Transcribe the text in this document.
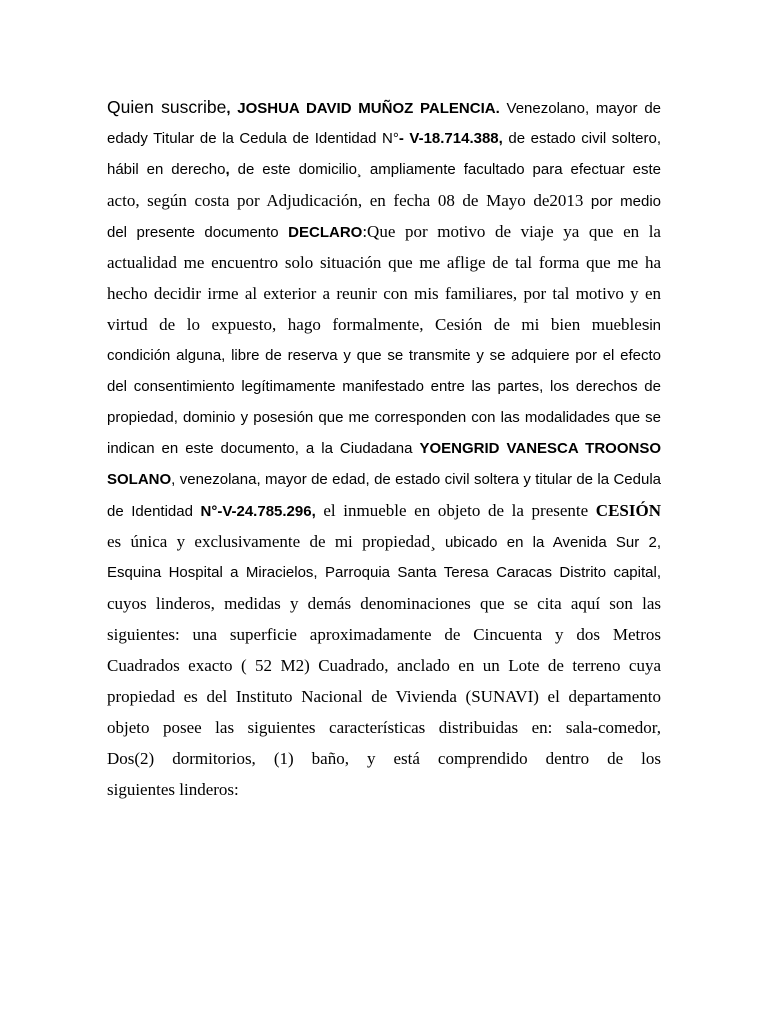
Quien suscribe, JOSHUA DAVID MUÑOZ PALENCIA. Venezolano, mayor de
edady Titular de la Cedula de Identidad N°- V-18.714.388, de estado civil soltero,
hábil en derecho, de este domicilio¸ ampliamente facultado para efectuar este
acto, según costa por Adjudicación, en fecha 08 de Mayo de2013 por medio
del presente documento DECLARO:Que por motivo de viaje ya que en la
actualidad me encuentro solo situación que me aflige de tal forma que me ha
hecho decidir irme al exterior a reunir con mis familiares, por tal motivo y en
virtud de lo expuesto, hago formalmente, Cesión de mi bien mueblesin
condición alguna, libre de reserva y que se transmite y se adquiere por el efecto
del consentimiento legítimamente manifestado entre las partes, los derechos de
propiedad, dominio y posesión que me corresponden con las modalidades que se
indican en este documento, a la Ciudadana YOENGRID VANESCA TROONSO
SOLANO, venezolana, mayor de edad, de estado civil soltera y titular de la Cedula
de Identidad N°-V-24.785.296, el inmueble en objeto de la presente CESIÓN
es única y exclusivamente de mi propiedad¸ ubicado en la Avenida Sur 2,
Esquina Hospital a Miracielos, Parroquia Santa Teresa Caracas Distrito capital,
cuyos linderos, medidas y demás denominaciones que se cita aquí son las
siguientes: una superficie aproximadamente de Cincuenta y dos Metros
Cuadrados exacto ( 52 M2) Cuadrado, anclado en un Lote de terreno cuya
propiedad es del Instituto Nacional de Vivienda (SUNAVI) el departamento
objeto posee las siguientes características distribuidas en: sala-comedor,
Dos(2) dormitorios, (1) baño, y está comprendido dentro de los
siguientes linderos:
